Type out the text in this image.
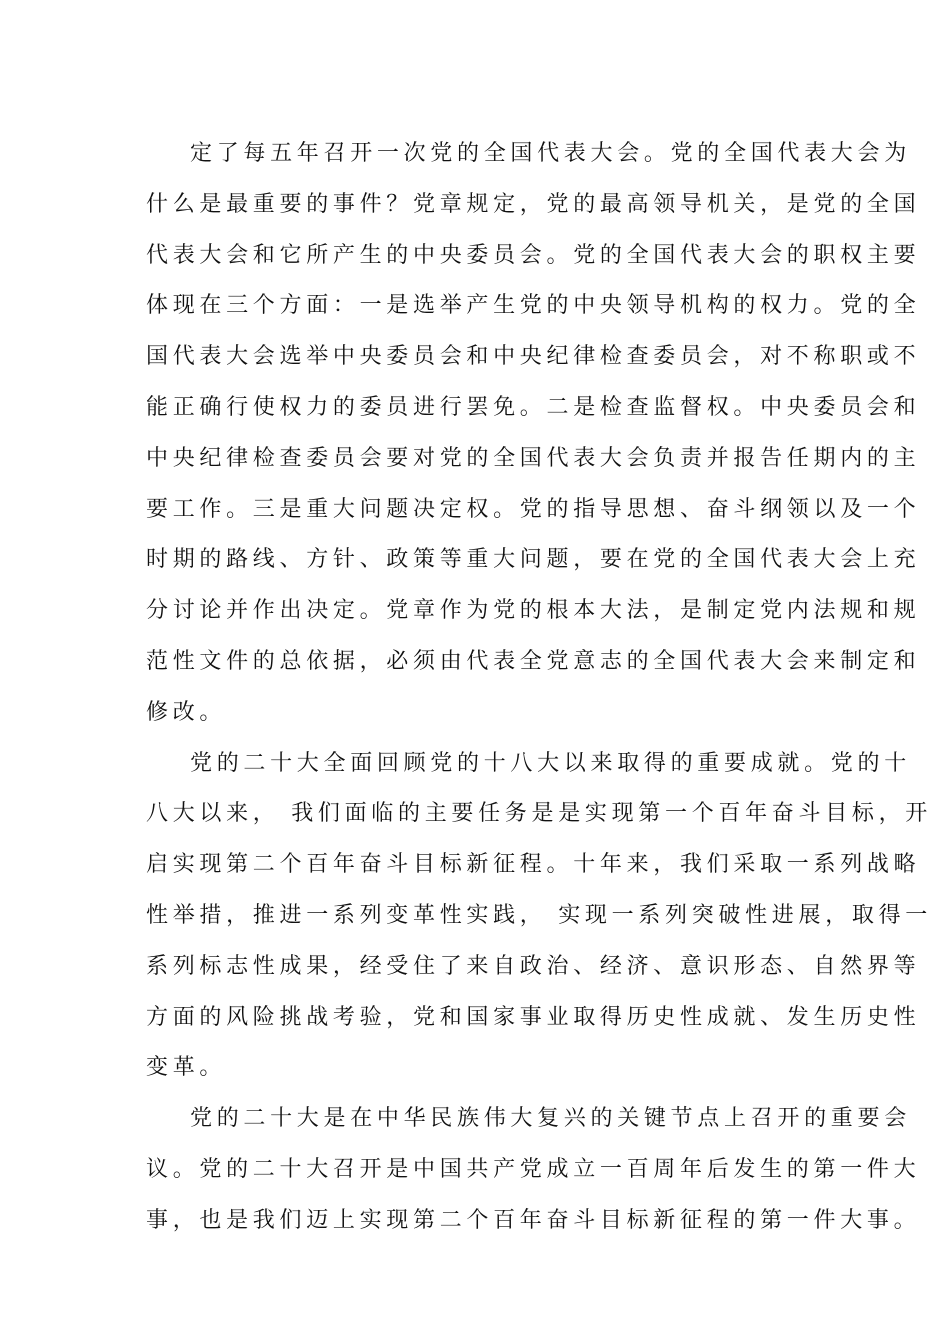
定了每五年召开一次党的全国代表大会。党的全国代表大会为
什么是最重要的事件？党章规定，党的最高领导机关，是党的全国
代表大会和它所产生的中央委员会。党的全国代表大会的职权主要
体现在三个方面：一是选举产生党的中央领导机构的权力。党的全
国代表大会选举中央委员会和中央纪律检查委员会，对不称职或不
能正确行使权力的委员进行罢免。二是检查监督权。中央委员会和
中央纪律检查委员会要对党的全国代表大会负责并报告任期内的主
要工作。三是重大问题决定权。党的指导思想、奋斗纲领以及一个
时期的路线、方针、政策等重大问题，要在党的全国代表大会上充
分讨论并作出决定。党章作为党的根本大法，是制定党内法规和规
范性文件的总依据，必须由代表全党意志的全国代表大会来制定和
修改。
党的二十大全面回顾党的十八大以来取得的重要成就。党的十
八大以来， 我们面临的主要任务是是实现第一个百年奋斗目标，开
启实现第二个百年奋斗目标新征程。十年来，我们采取一系列战略
性举措，推进一系列变革性实践， 实现一系列突破性进展，取得一
系列标志性成果，经受住了来自政治、经济、意识形态、自然界等
方面的风险挑战考验，党和国家事业取得历史性成就、发生历史性
变革。
党的二十大是在中华民族伟大复兴的关键节点上召开的重要会
议。党的二十大召开是中国共产党成立一百周年后发生的第一件大
事，也是我们迈上实现第二个百年奋斗目标新征程的第一件大事。
